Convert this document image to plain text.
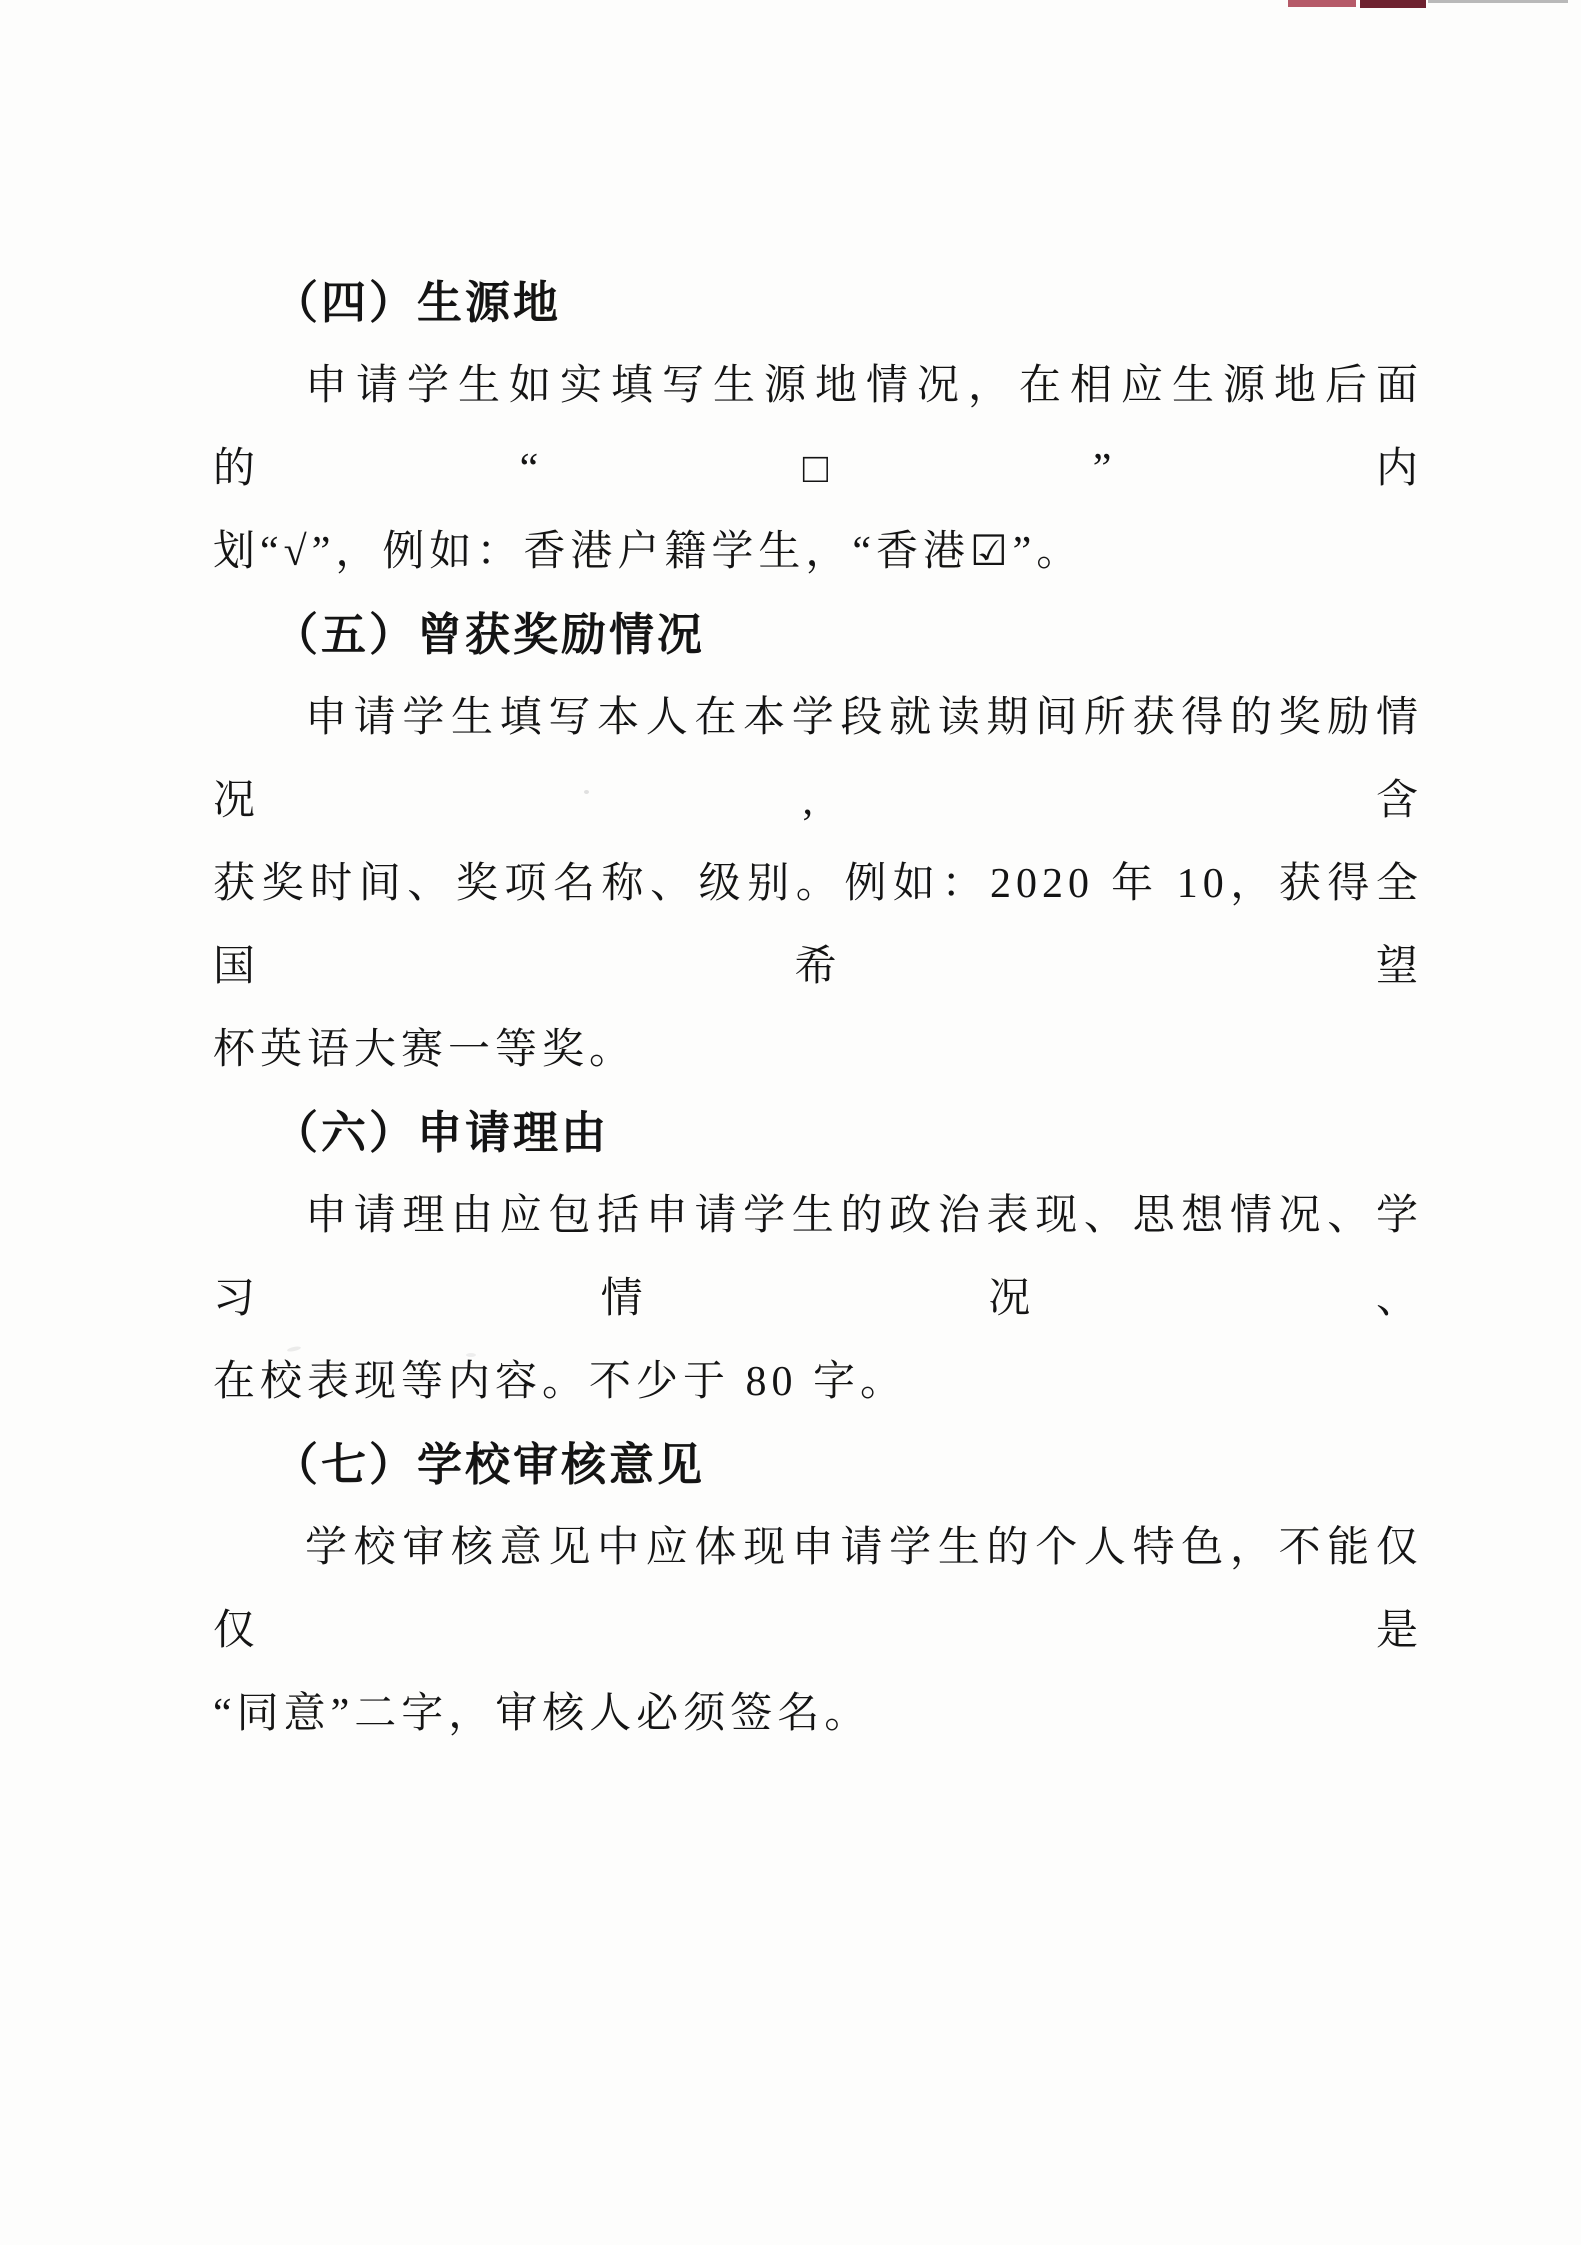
（四）生源地
申请学生如实填写生源地情况，在相应生源地后面的“□”内
划“√”，例如：香港户籍学生，“香港☑”。
（五）曾获奖励情况
申请学生填写本人在本学段就读期间所获得的奖励情况, 含
获奖时间、奖项名称、级别。例如：2020 年 10，获得全国希望
杯英语大赛一等奖。
（六）申请理由
申请理由应包括申请学生的政治表现、思想情况、学习情况、
在校表现等内容。不少于 80 字。
（七）学校审核意见
学校审核意见中应体现申请学生的个人特色，不能仅仅是
“同意”二字，审核人必须签名。
